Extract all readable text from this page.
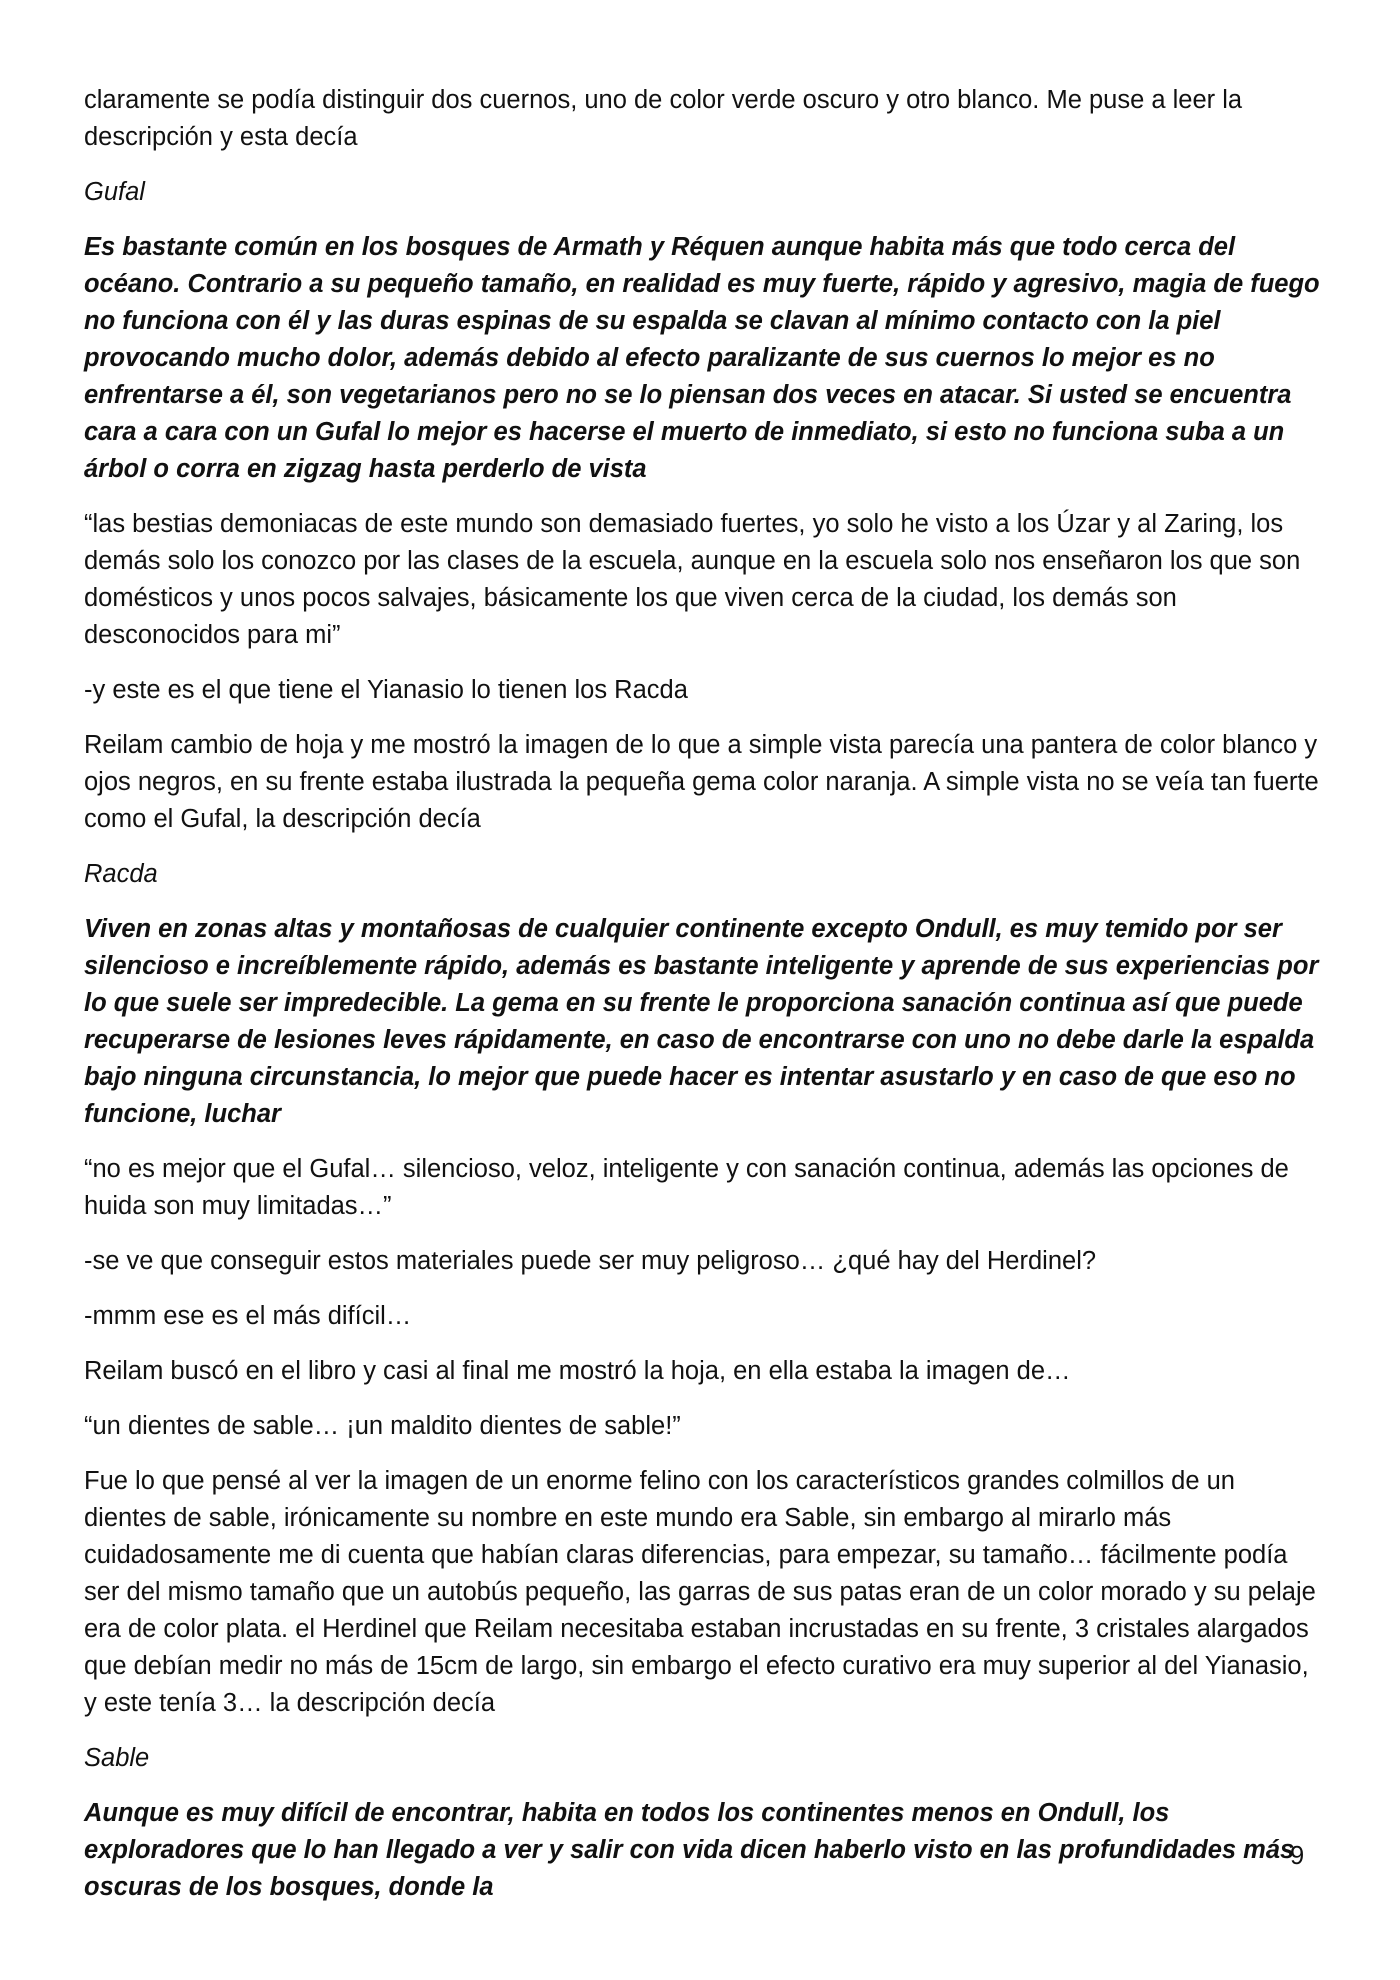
claramente se podía distinguir dos cuernos, uno de color verde oscuro y otro blanco. Me puse a leer la descripción y esta decía

Gufal

Es bastante común en los bosques de Armath y Réquen aunque habita más que todo cerca del océano. Contrario a su pequeño tamaño, en realidad es muy fuerte, rápido y agresivo, magia de fuego no funciona con él y las duras espinas de su espalda se clavan al mínimo contacto con la piel provocando mucho dolor, además debido al efecto paralizante de sus cuernos lo mejor es no enfrentarse a él, son vegetarianos pero no se lo piensan dos veces en atacar. Si usted se encuentra cara a cara con un Gufal lo mejor es hacerse el muerto de inmediato, si esto no funciona suba a un árbol o corra en zigzag hasta perderlo de vista

“las bestias demoniacas de este mundo son demasiado fuertes, yo solo he visto a los Úzar y al Zaring, los demás solo los conozco por las clases de la escuela, aunque en la escuela solo nos enseñaron los que son domésticos y unos pocos salvajes, básicamente los que viven cerca de la ciudad, los demás son desconocidos para mi”

-y este es el que tiene el Yianasio lo tienen los Racda

Reilam cambio de hoja y me mostró la imagen de lo que a simple vista parecía una pantera de color blanco y ojos negros, en su frente estaba ilustrada la pequeña gema color naranja. A simple vista no se veía tan fuerte como el Gufal, la descripción decía

Racda

Viven en zonas altas y montañosas de cualquier continente excepto Ondull, es muy temido por ser silencioso e increíblemente rápido, además es bastante inteligente y aprende de sus experiencias por lo que suele ser impredecible. La gema en su frente le proporciona sanación continua así que puede recuperarse de lesiones leves rápidamente, en caso de encontrarse con uno no debe darle la espalda bajo ninguna circunstancia, lo mejor que puede hacer es intentar asustarlo y en caso de que eso no funcione, luchar

“no es mejor que el Gufal… silencioso, veloz, inteligente y con sanación continua, además las opciones de huida son muy limitadas…”

-se ve que conseguir estos materiales puede ser muy peligroso… ¿qué hay del Herdinel?

-mmm ese es el más difícil…

Reilam buscó en el libro y casi al final me mostró la hoja, en ella estaba la imagen de…

“un dientes de sable… ¡un maldito dientes de sable!”

Fue lo que pensé al ver la imagen de un enorme felino con los característicos grandes colmillos de un dientes de sable, irónicamente su nombre en este mundo era Sable, sin embargo al mirarlo más cuidadosamente me di cuenta que habían claras diferencias, para empezar, su tamaño… fácilmente podía ser del mismo tamaño que un autobús pequeño, las garras de sus patas eran de un color morado y su pelaje era de color plata. el Herdinel que Reilam necesitaba estaban incrustadas en su frente, 3 cristales alargados que debían medir no más de 15cm de largo, sin embargo el efecto curativo era muy superior al del Yianasio, y este tenía 3… la descripción decía

Sable

Aunque es muy difícil de encontrar, habita en todos los continentes menos en Ondull, los exploradores que lo han llegado a ver y salir con vida dicen haberlo visto en las profundidades más oscuras de los bosques, donde la

9
